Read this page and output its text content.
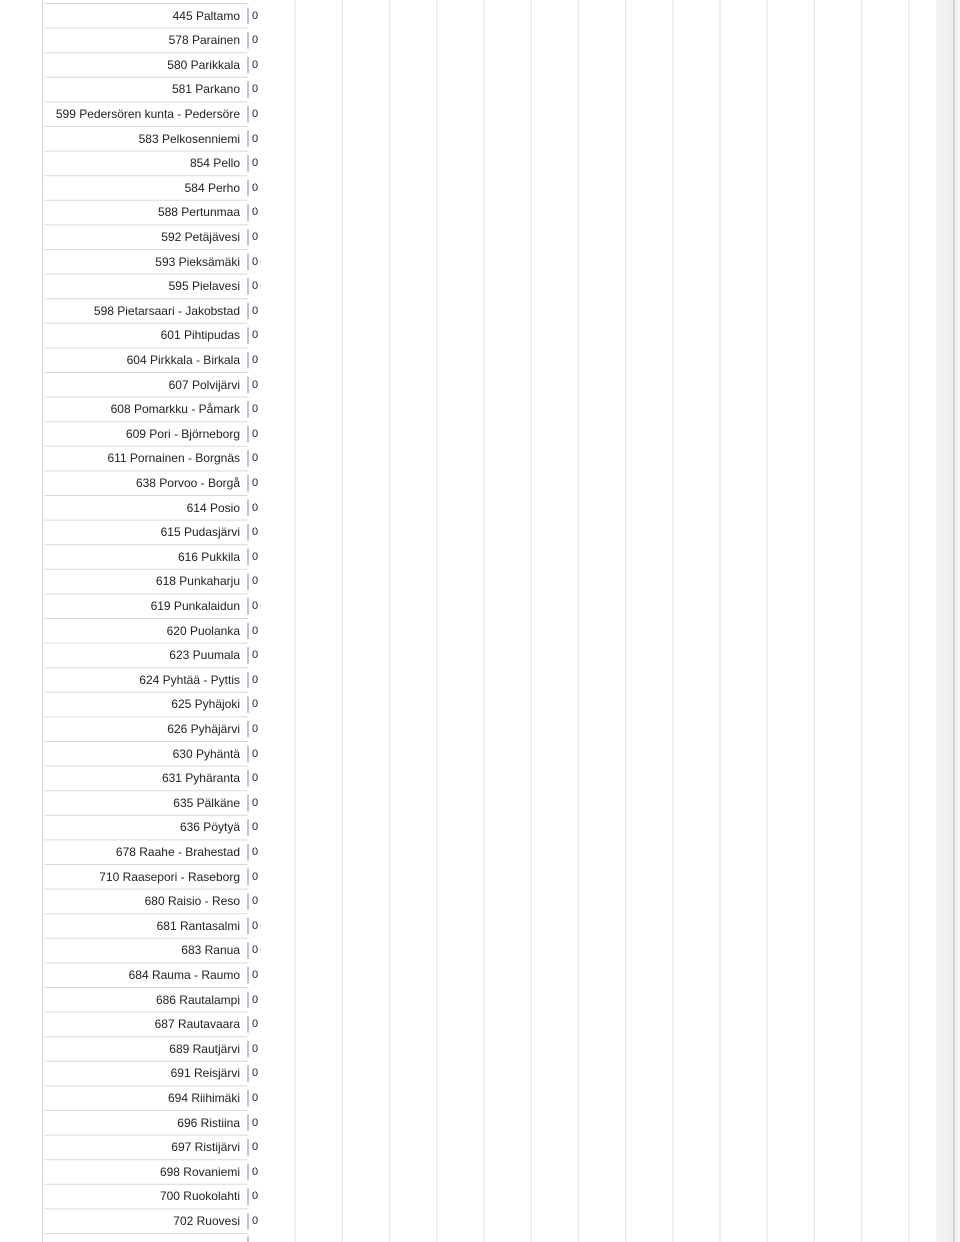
445 Paltamo 0
578 Parainen 0
580 Parikkala 0
581 Parkano 0
599 Pedersören kunta - Pedersöre 0
583 Pelkosenniemi 0
854 Pello 0
584 Perho 0
588 Pertunmaa 0
592 Petäjävesi 0
593 Pieksämäki 0
595 Pielavesi 0
598 Pietarsaari - Jakobstad 0
601 Pihtipudas 0
604 Pirkkala - Birkala 0
607 Polvijärvi 0
608 Pomarkku - Påmark 0
609 Pori - Björneborg 0
611 Pornainen - Borgnäs 0
638 Porvoo - Borgå 0
614 Posio 0
615 Pudasjärvi 0
616 Pukkila 0
618 Punkaharju 0
619 Punkalaidun 0
620 Puolanka 0
623 Puumala 0
624 Pyhtää - Pyttis 0
625 Pyhäjoki 0
626 Pyhäjärvi 0
630 Pyhäntä 0
631 Pyhäranta 0
635 Pälkäne 0
636 Pöytyä 0
678 Raahe - Brahestad 0
710 Raasepori - Raseborg 0
680 Raisio - Reso 0
681 Rantasalmi 0
683 Ranua 0
684 Rauma - Raumo 0
686 Rautalampi 0
687 Rautavaara 0
689 Rautjärvi 0
691 Reisjärvi 0
694 Riihimäki 0
696 Ristiina 0
697 Ristijärvi 0
698 Rovaniemi 0
700 Ruokolahti 0
702 Ruovesi 0
